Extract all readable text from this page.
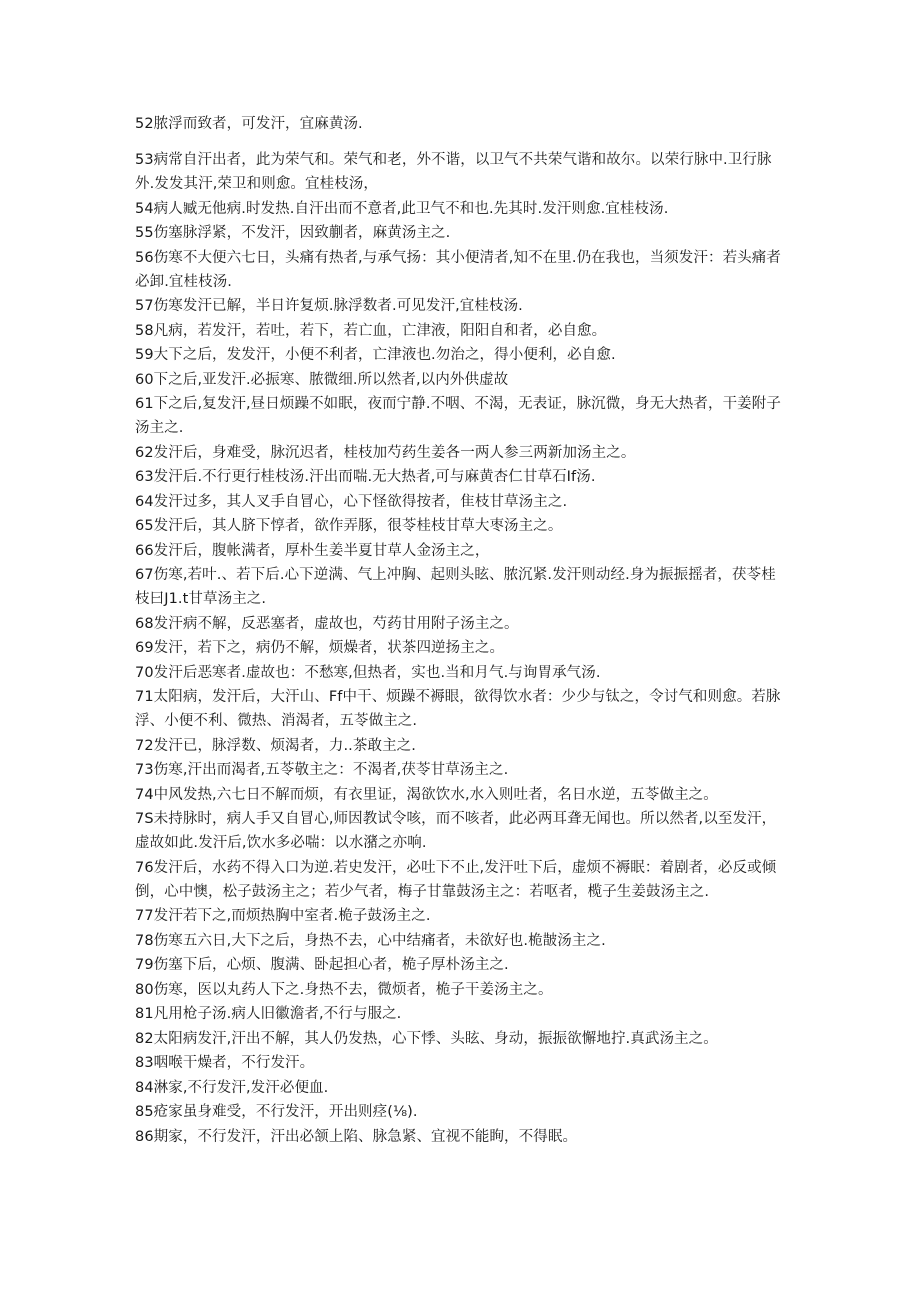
52脓浮而致者，可发汗，宜麻黄汤.

53病常自汗出者，此为荣气和。荣气和老，外不谐，以卫气不共荣气谐和故尔。以荣行脉中.卫行脉外.发发其汗,荣卫和则愈。宜桂枝汤，

54病人臧无他病.时发热.自汗出而不意者,此卫气不和也.先其时.发汗则愈.宜桂枝汤.

55伤塞脉浮紧，不发汗，因致蒯者，麻黄汤主之.

56伤寒不大便六七日，头痛有热者,与承气扬：其小便清者,知不在里.仍在我也，当须发汗：若头痛者必卸.宜桂枝汤.

57伤寒发汗已解，半日许复烦.脉浮数者.可见发汗,宜桂枝汤.

58凡病，若发汗，若吐，若下，若亡血，亡津液，阳阳自和者，必自愈。

59大下之后，发发汗，小便不利者，亡津液也.勿治之，得小便利，必自愈.

60下之后,亚发汗.必振寒、脓微细.所以然者,以内外供虚故

61下之后,复发汗,昼日烦躁不如眠，夜而宁静.不咽、不渴，无表证，脉沉微，身无大热者，干姜附子汤主之.

62发汗后，身难受，脉沉迟者，桂枝加芍药生姜各一两人参三两新加汤主之。

63发汗后.不行更行桂枝汤.汗出而喘.无大热者,可与麻黄杏仁甘草石If汤.

64发汗过多，其人叉手自冒心，心下怪欲得按者，隹枝甘草汤主之.

65发汗后，其人脐下惇者，欲作弄豚，很苓桂枝甘草大枣汤主之。

66发汗后，腹帐满者，厚朴生姜半夏甘草人金汤主之，

67伤寒,若叶.、若下后.心下逆满、气上冲胸、起则头眩、脓沉紧.发汗则动经.身为振振摇者，茯苓桂枝曰J1.t甘草汤主之.

68发汗病不解，反恶塞者，虚故也，芍药甘用附子汤主之。

69发汗，若下之，病仍不解，烦燥者，状茶四逆扬主之。

70发汗后恶寒者.虚故也：不愁寒,但热者，实也.当和月气.与询胃承气汤.

71太阳病，发汗后，大汗山、Ff中干、烦躁不褥眼，欲得饮水者：少少与钛之，令讨气和则愈。若脉浮、小便不利、微热、消渴者，五苓做主之.

72发汗已，脉浮数、烦渴者，力..茶敢主之.

73伤寒,汗出而渴者,五苓敬主之：不渴者,茯苓甘草汤主之.

74中风发热,六七日不解而烦，有衣里证，渴欲饮水,水入则吐者，名日水逆，五苓做主之。

7S未持脉时，病人手又自冒心,师因教试令咳，而不咳者，此必两耳聋无闻也。所以然者,以至发汗，虚故如此.发汗后,饮水多必喘：以水潴之亦响.

76发汗后，水药不得入口为逆.若史发汗，必吐下不止,发汗吐下后，虚烦不褥眠：着剧者，必反或倾倒，心中懊，松子鼓汤主之；若少气者，梅子甘靠鼓汤主之：若呕者，榄子生姜鼓汤主之.

77发汗若下之,而烦热胸中室者.桅子鼓汤主之.

78伤寒五六日,大下之后，身热不去，心中结痛者，未欲好也.桅皵汤主之.

79伤塞下后，心烦、腹满、卧起担心者，桅子厚朴汤主之.

80伤寒，医以丸药人下之.身热不去，微烦者，桅子干姜汤主之。

81凡用枪子汤.病人旧徽澹者,不行与服之.

82太阳病发汗,汗出不解，其人仍发热，心下悸、头眩、身动，振振欲懈地拧.真武汤主之。

83咽喉干燥者，不行发汗。

84淋家,不行发汗,发汗必便血.

85疮家虽身难受，不行发汗，开出则痉(⅛).

86期家，不行发汗，汗出必颔上陷、脉急紧、宜视不能眴，不得眠。
